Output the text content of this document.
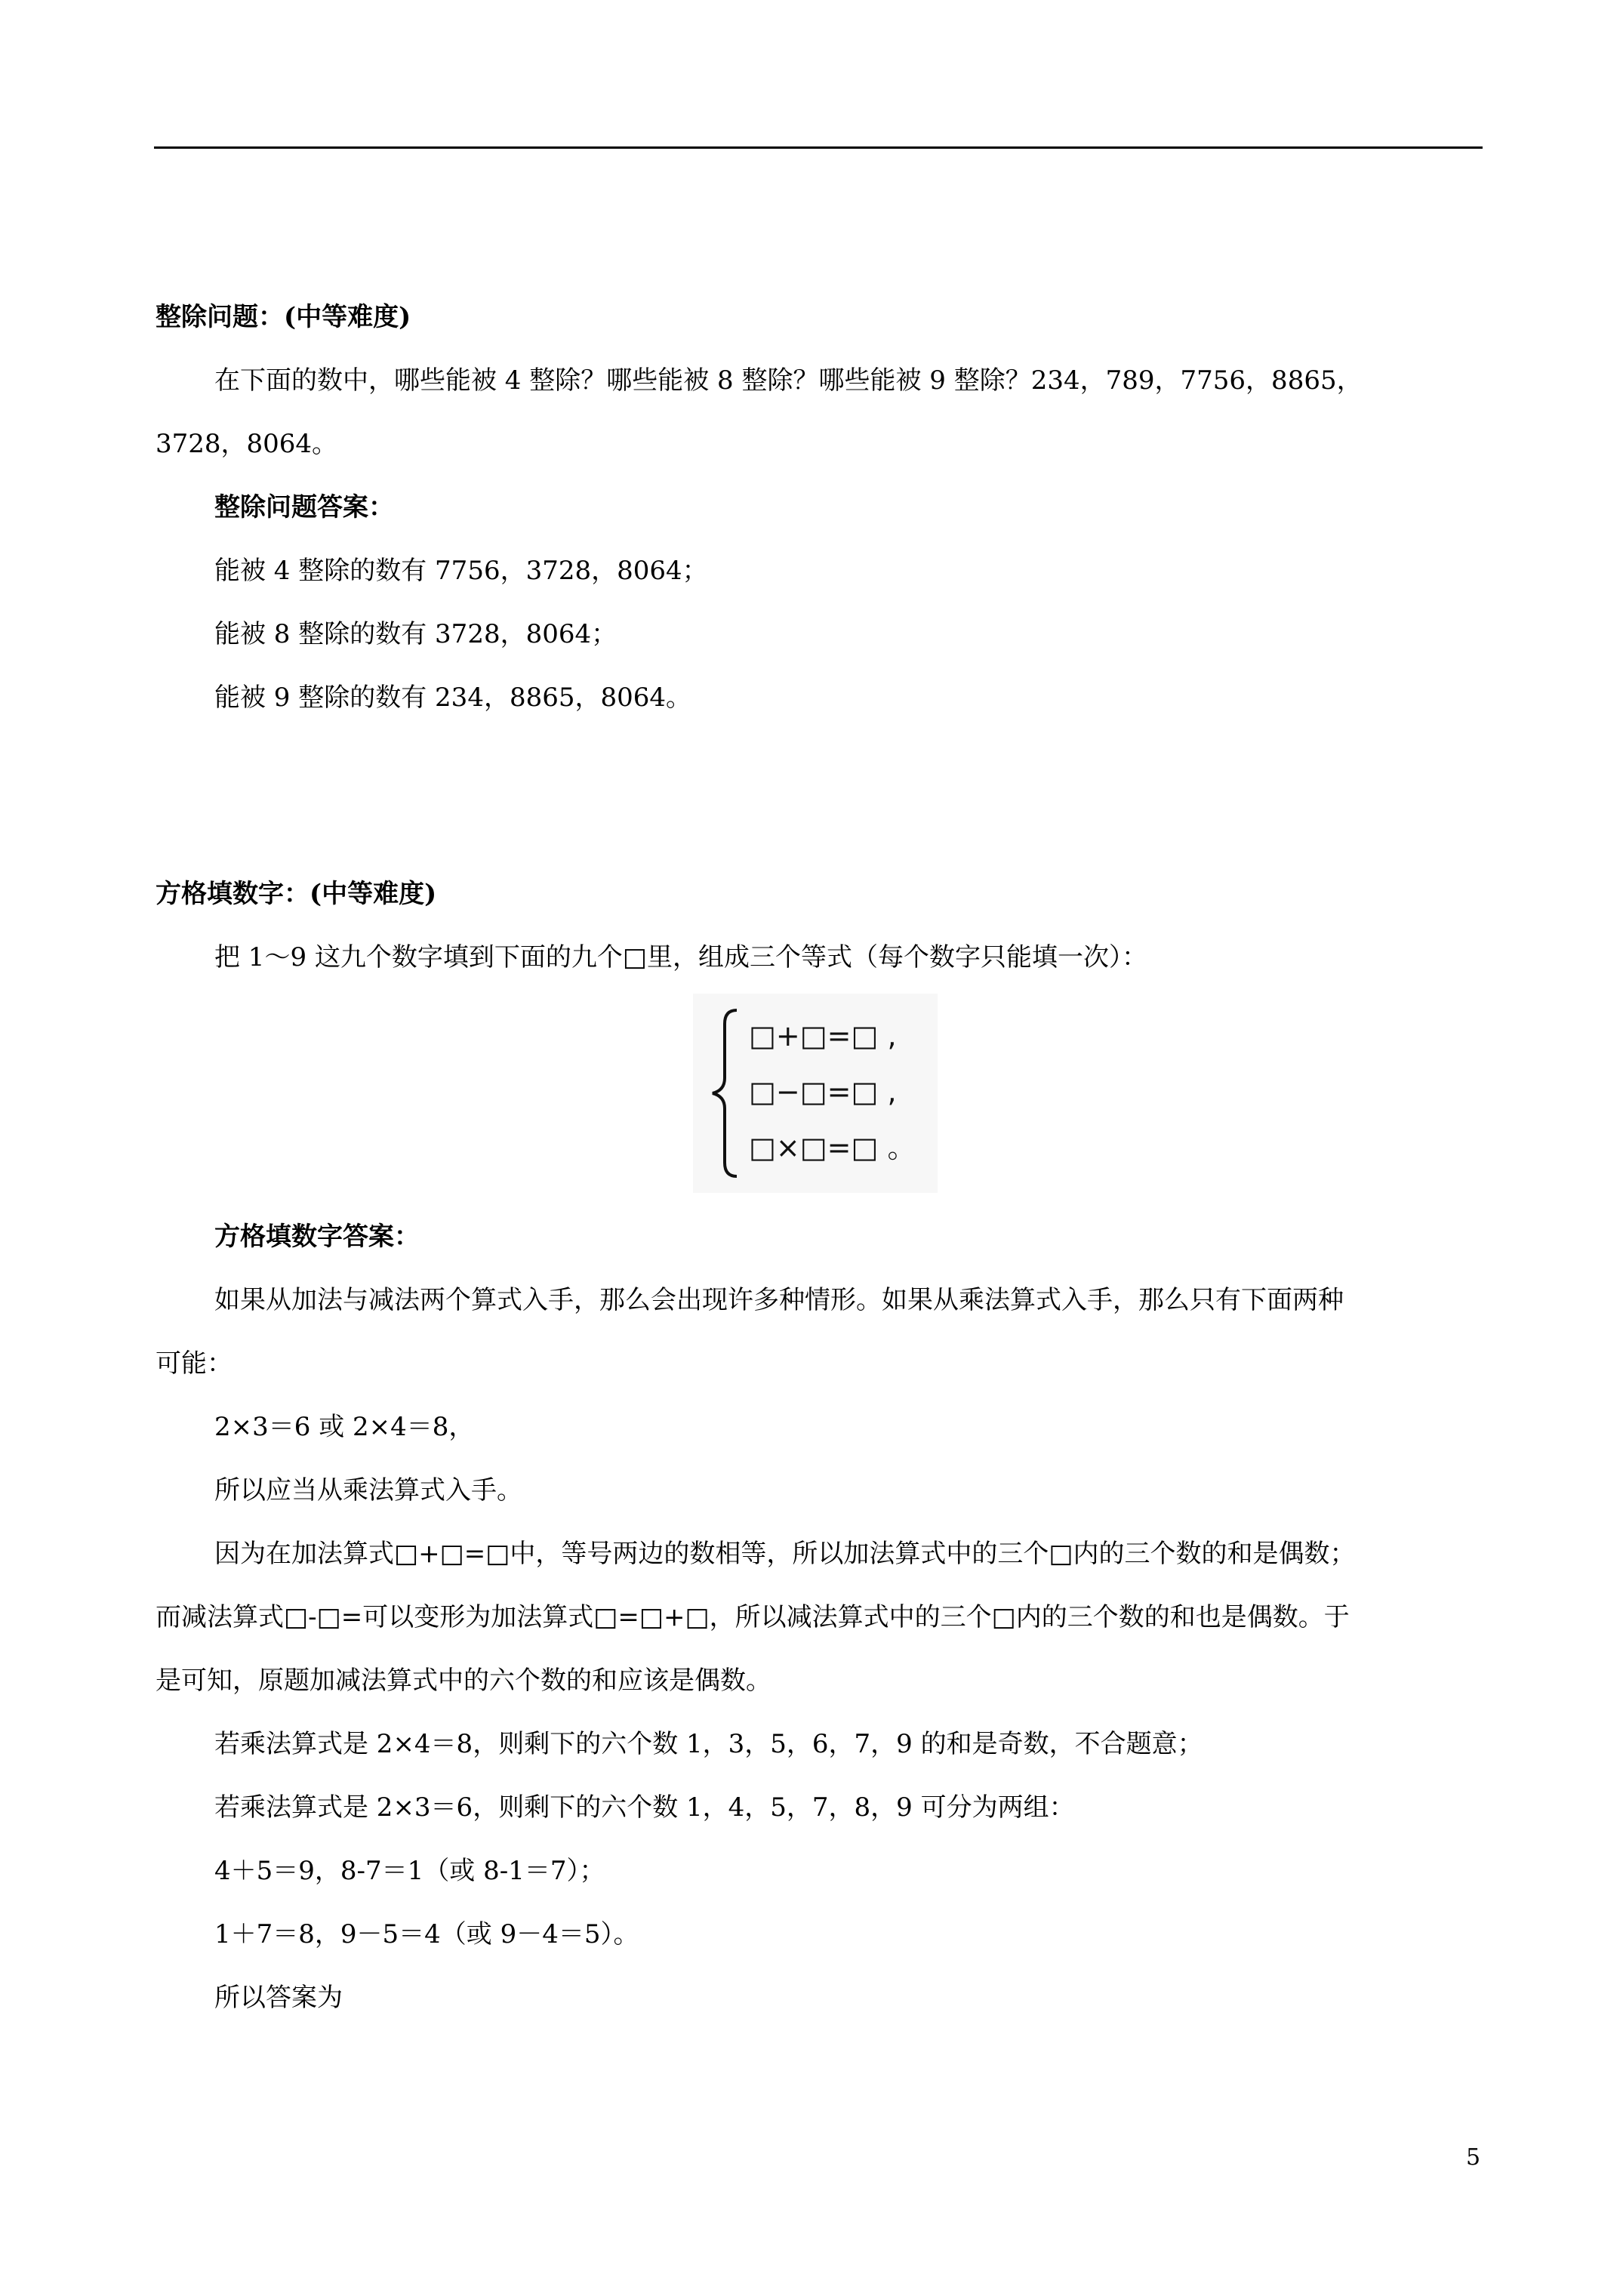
整除问题：(中等难度)
在下面的数中，哪些能被 4 整除？哪些能被 8 整除？哪些能被 9 整除？234，789，7756，8865，
3728，8064。
整除问题答案：
能被 4 整除的数有 7756，3728，8064；
能被 8 整除的数有 3728，8064；
能被 9 整除的数有 234，8865，8064。
方格填数字：(中等难度)
把 1～9 这九个数字填到下面的九个□里，组成三个等式（每个数字只能填一次）：
□+□=□ ,
□−□=□ ,
□×□=□ 。
方格填数字答案：
如果从加法与减法两个算式入手，那么会出现许多种情形。如果从乘法算式入手，那么只有下面两种
可能：
2×3＝6 或 2×4＝8，
所以应当从乘法算式入手。
因为在加法算式□+□=□中，等号两边的数相等，所以加法算式中的三个□内的三个数的和是偶数；
而减法算式□-□=可以变形为加法算式□=□+□，所以减法算式中的三个□内的三个数的和也是偶数。于
是可知，原题加减法算式中的六个数的和应该是偶数。
若乘法算式是 2×4＝8，则剩下的六个数 1，3，5，6，7，9 的和是奇数，不合题意；
若乘法算式是 2×3＝6，则剩下的六个数 1，4，5，7，8，9 可分为两组：
4＋5＝9，8-7＝1（或 8-1＝7）；
1＋7＝8，9－5＝4（或 9－4＝5）。
所以答案为
5
